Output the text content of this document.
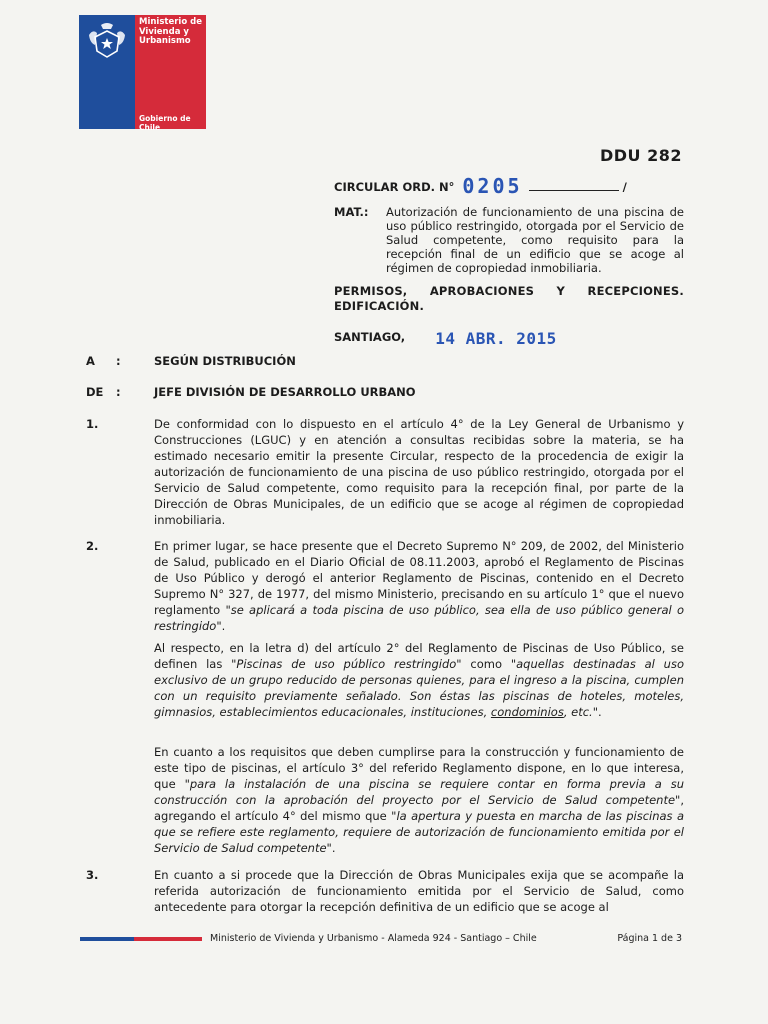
Ministerio de Vivienda y Urbanismo
Gobierno de Chile
DDU 282
CIRCULAR ORD. N° 0205	/
MAT.: Autorización de funcionamiento de una piscina de uso público restringido, otorgada por el Servicio de Salud competente, como requisito para la recepción final de un edificio que se acoge al régimen de copropiedad inmobiliaria.
PERMISOS, APROBACIONES Y RECEPCIONES. EDIFICACIÓN.
SANTIAGO, 14 ABR. 2015
A :	SEGÚN DISTRIBUCIÓN
DE :	JEFE DIVISIÓN DE DESARROLLO URBANO
1.	De conformidad con lo dispuesto en el artículo 4° de la Ley General de Urbanismo y Construcciones (LGUC) y en atención a consultas recibidas sobre la materia, se ha estimado necesario emitir la presente Circular, respecto de la procedencia de exigir la autorización de funcionamiento de una piscina de uso público restringido, otorgada por el Servicio de Salud competente, como requisito para la recepción final, por parte de la Dirección de Obras Municipales, de un edificio que se acoge al régimen de copropiedad inmobiliaria.
2.	En primer lugar, se hace presente que el Decreto Supremo N° 209, de 2002, del Ministerio de Salud, publicado en el Diario Oficial de 08.11.2003, aprobó el Reglamento de Piscinas de Uso Público y derogó el anterior Reglamento de Piscinas, contenido en el Decreto Supremo N° 327, de 1977, del mismo Ministerio, precisando en su artículo 1° que el nuevo reglamento "se aplicará a toda piscina de uso público, sea ella de uso público general o restringido".
Al respecto, en la letra d) del artículo 2° del Reglamento de Piscinas de Uso Público, se definen las "Piscinas de uso público restringido" como "aquellas destinadas al uso exclusivo de un grupo reducido de personas quienes, para el ingreso a la piscina, cumplen con un requisito previamente señalado. Son éstas las piscinas de hoteles, moteles, gimnasios, establecimientos educacionales, instituciones, condominios, etc.".
En cuanto a los requisitos que deben cumplirse para la construcción y funcionamiento de este tipo de piscinas, el artículo 3° del referido Reglamento dispone, en lo que interesa, que "para la instalación de una piscina se requiere contar en forma previa a su construcción con la aprobación del proyecto por el Servicio de Salud competente", agregando el artículo 4° del mismo que "la apertura y puesta en marcha de las piscinas a que se refiere este reglamento, requiere de autorización de funcionamiento emitida por el Servicio de Salud competente".
3.	En cuanto a si procede que la Dirección de Obras Municipales exija que se acompañe la referida autorización de funcionamiento emitida por el Servicio de Salud, como antecedente para otorgar la recepción definitiva de un edificio que se acoge al
Ministerio de Vivienda y Urbanismo - Alameda 924 - Santiago – Chile	Página 1 de 3
